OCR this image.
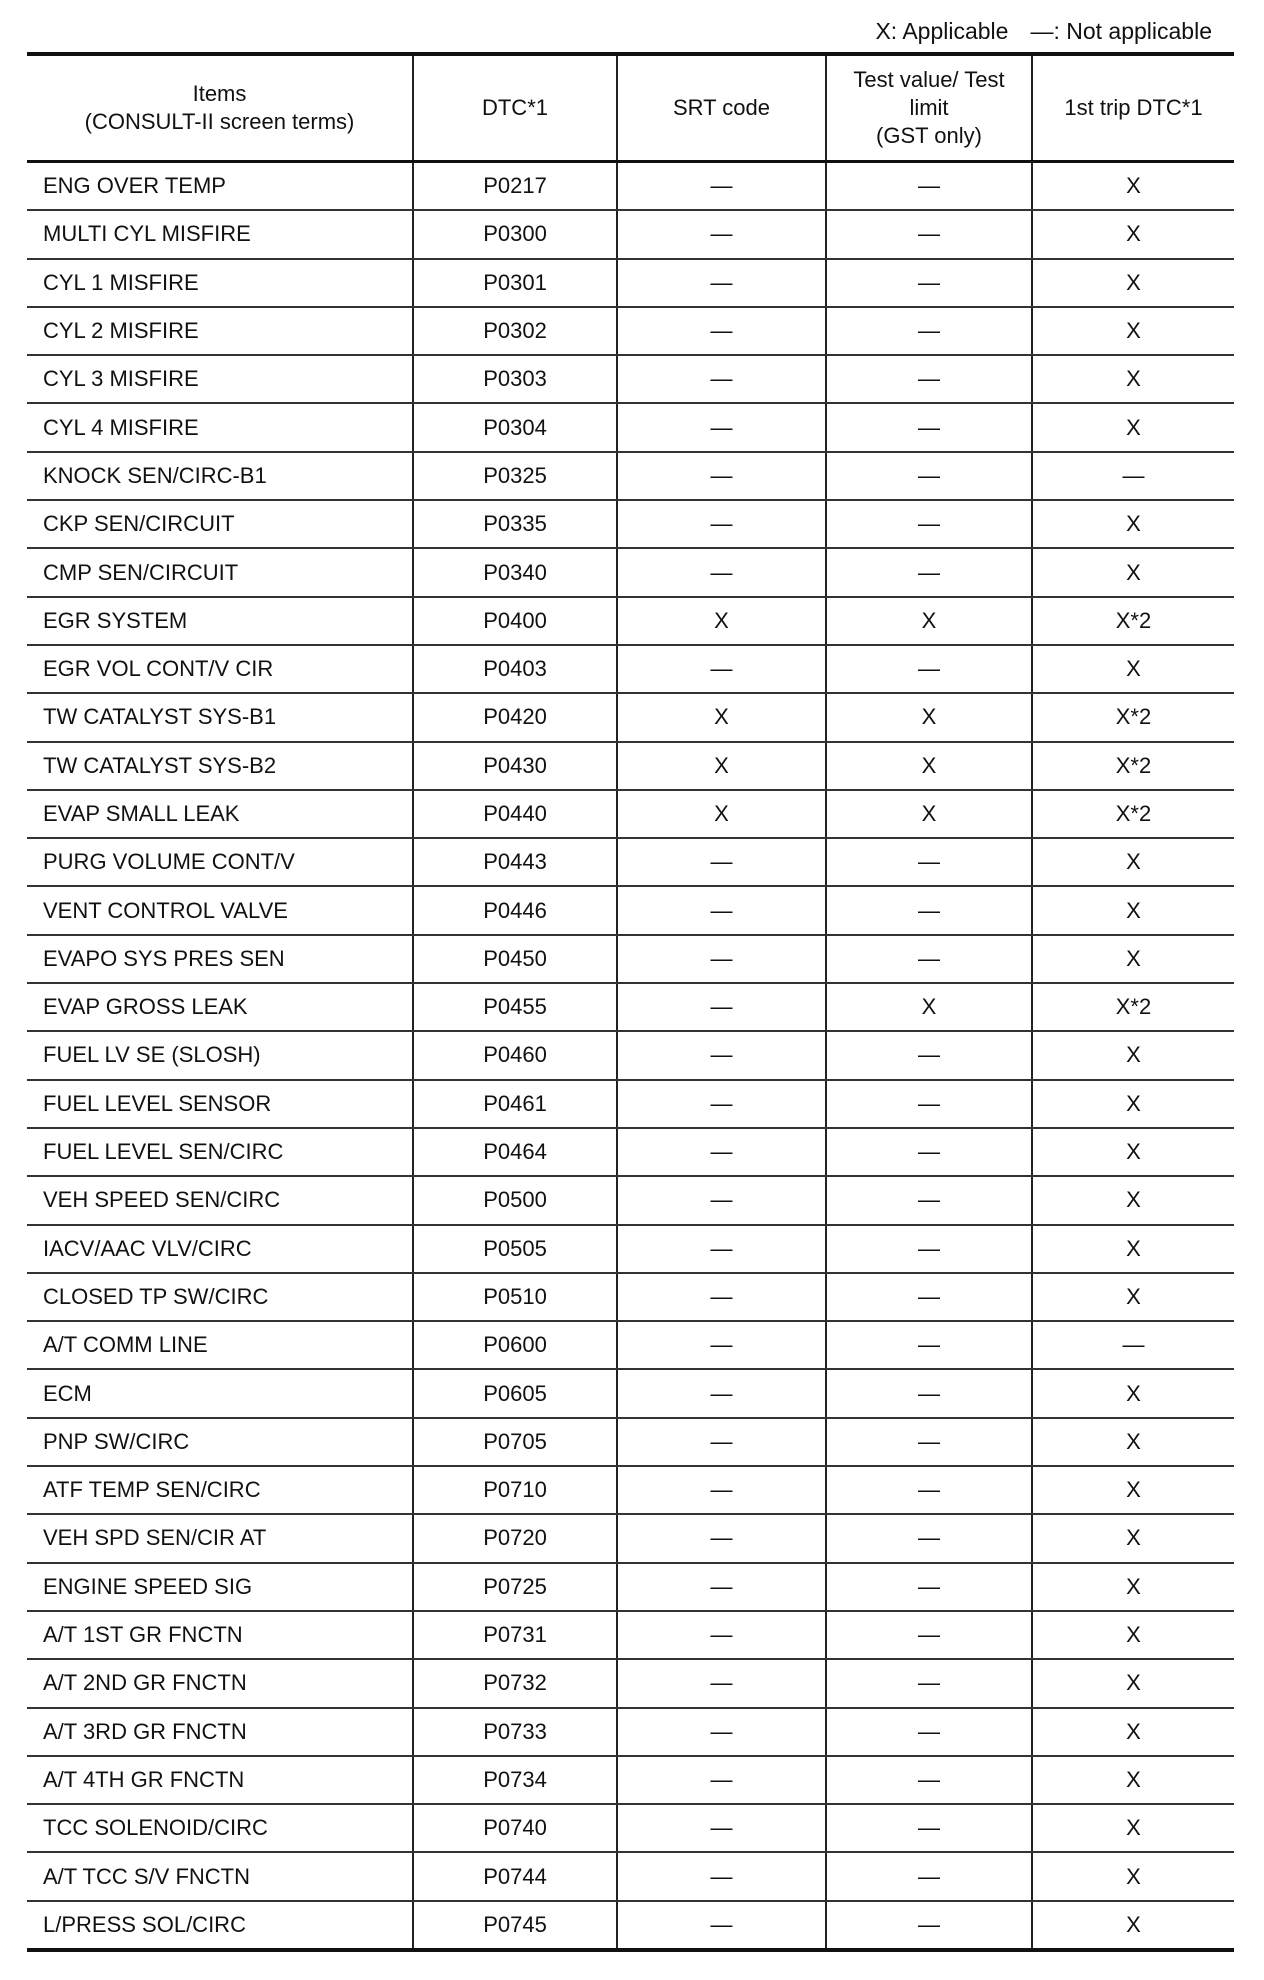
X: Applicable —: Not applicable
Items
(CONSULT-II screen terms)	DTC*1	SRT code	Test value/ Test
limit
(GST only)	1st trip DTC*1
ENG OVER TEMP	P0217	—	—	X
MULTI CYL MISFIRE	P0300	—	—	X
CYL 1 MISFIRE	P0301	—	—	X
CYL 2 MISFIRE	P0302	—	—	X
CYL 3 MISFIRE	P0303	—	—	X
CYL 4 MISFIRE	P0304	—	—	X
KNOCK SEN/CIRC-B1	P0325	—	—	—
CKP SEN/CIRCUIT	P0335	—	—	X
CMP SEN/CIRCUIT	P0340	—	—	X
EGR SYSTEM	P0400	X	X	X*2
EGR VOL CONT/V CIR	P0403	—	—	X
TW CATALYST SYS-B1	P0420	X	X	X*2
TW CATALYST SYS-B2	P0430	X	X	X*2
EVAP SMALL LEAK	P0440	X	X	X*2
PURG VOLUME CONT/V	P0443	—	—	X
VENT CONTROL VALVE	P0446	—	—	X
EVAPO SYS PRES SEN	P0450	—	—	X
EVAP GROSS LEAK	P0455	—	X	X*2
FUEL LV SE (SLOSH)	P0460	—	—	X
FUEL LEVEL SENSOR	P0461	—	—	X
FUEL LEVEL SEN/CIRC	P0464	—	—	X
VEH SPEED SEN/CIRC	P0500	—	—	X
IACV/AAC VLV/CIRC	P0505	—	—	X
CLOSED TP SW/CIRC	P0510	—	—	X
A/T COMM LINE	P0600	—	—	—
ECM	P0605	—	—	X
PNP SW/CIRC	P0705	—	—	X
ATF TEMP SEN/CIRC	P0710	—	—	X
VEH SPD SEN/CIR AT	P0720	—	—	X
ENGINE SPEED SIG	P0725	—	—	X
A/T 1ST GR FNCTN	P0731	—	—	X
A/T 2ND GR FNCTN	P0732	—	—	X
A/T 3RD GR FNCTN	P0733	—	—	X
A/T 4TH GR FNCTN	P0734	—	—	X
TCC SOLENOID/CIRC	P0740	—	—	X
A/T TCC S/V FNCTN	P0744	—	—	X
L/PRESS SOL/CIRC	P0745	—	—	X
